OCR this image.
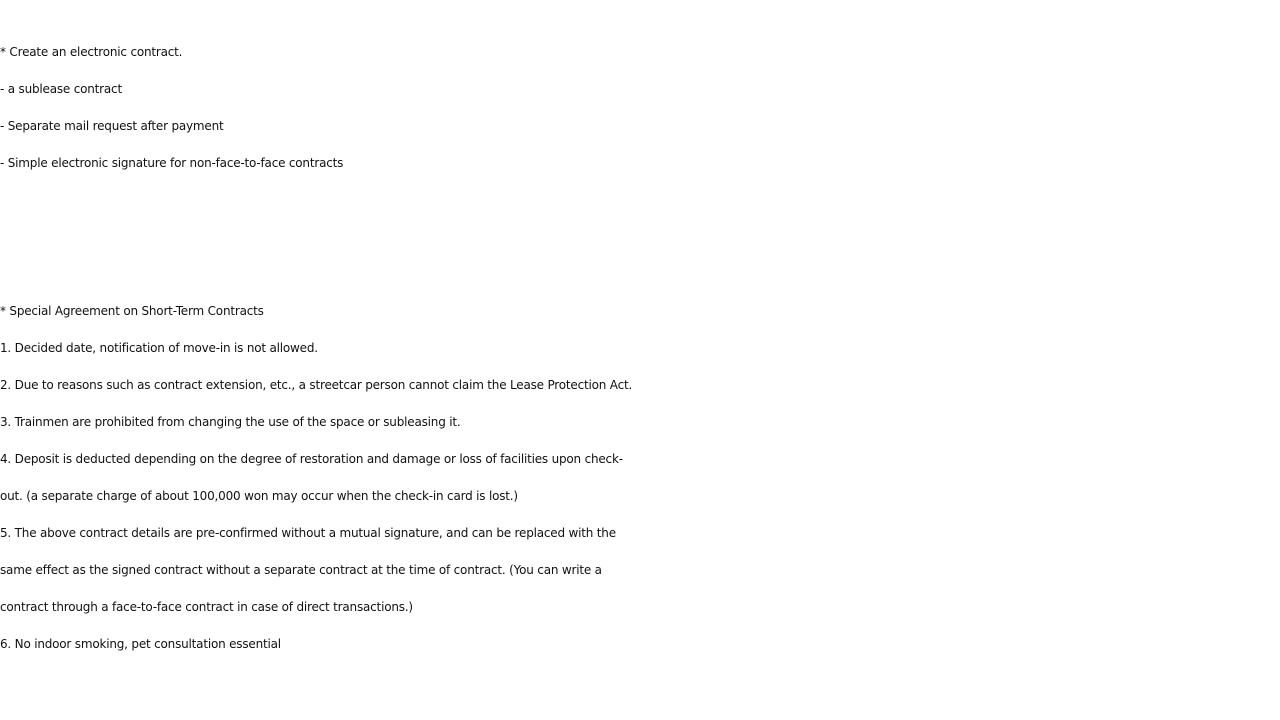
* Create an electronic contract.
- a sublease contract
- Separate mail request after payment
- Simple electronic signature for non-face-to-face contracts
* Special Agreement on Short-Term Contracts
1. Decided date, notification of move-in is not allowed.
2. Due to reasons such as contract extension, etc., a streetcar person cannot claim the Lease Protection Act.
3. Trainmen are prohibited from changing the use of the space or subleasing it.
4. Deposit is deducted depending on the degree of restoration and damage or loss of facilities upon check-
out. (a separate charge of about 100,000 won may occur when the check-in card is lost.)
5. The above contract details are pre-confirmed without a mutual signature, and can be replaced with the
same effect as the signed contract without a separate contract at the time of contract. (You can write a
contract through a face-to-face contract in case of direct transactions.)
6. No indoor smoking, pet consultation essential
